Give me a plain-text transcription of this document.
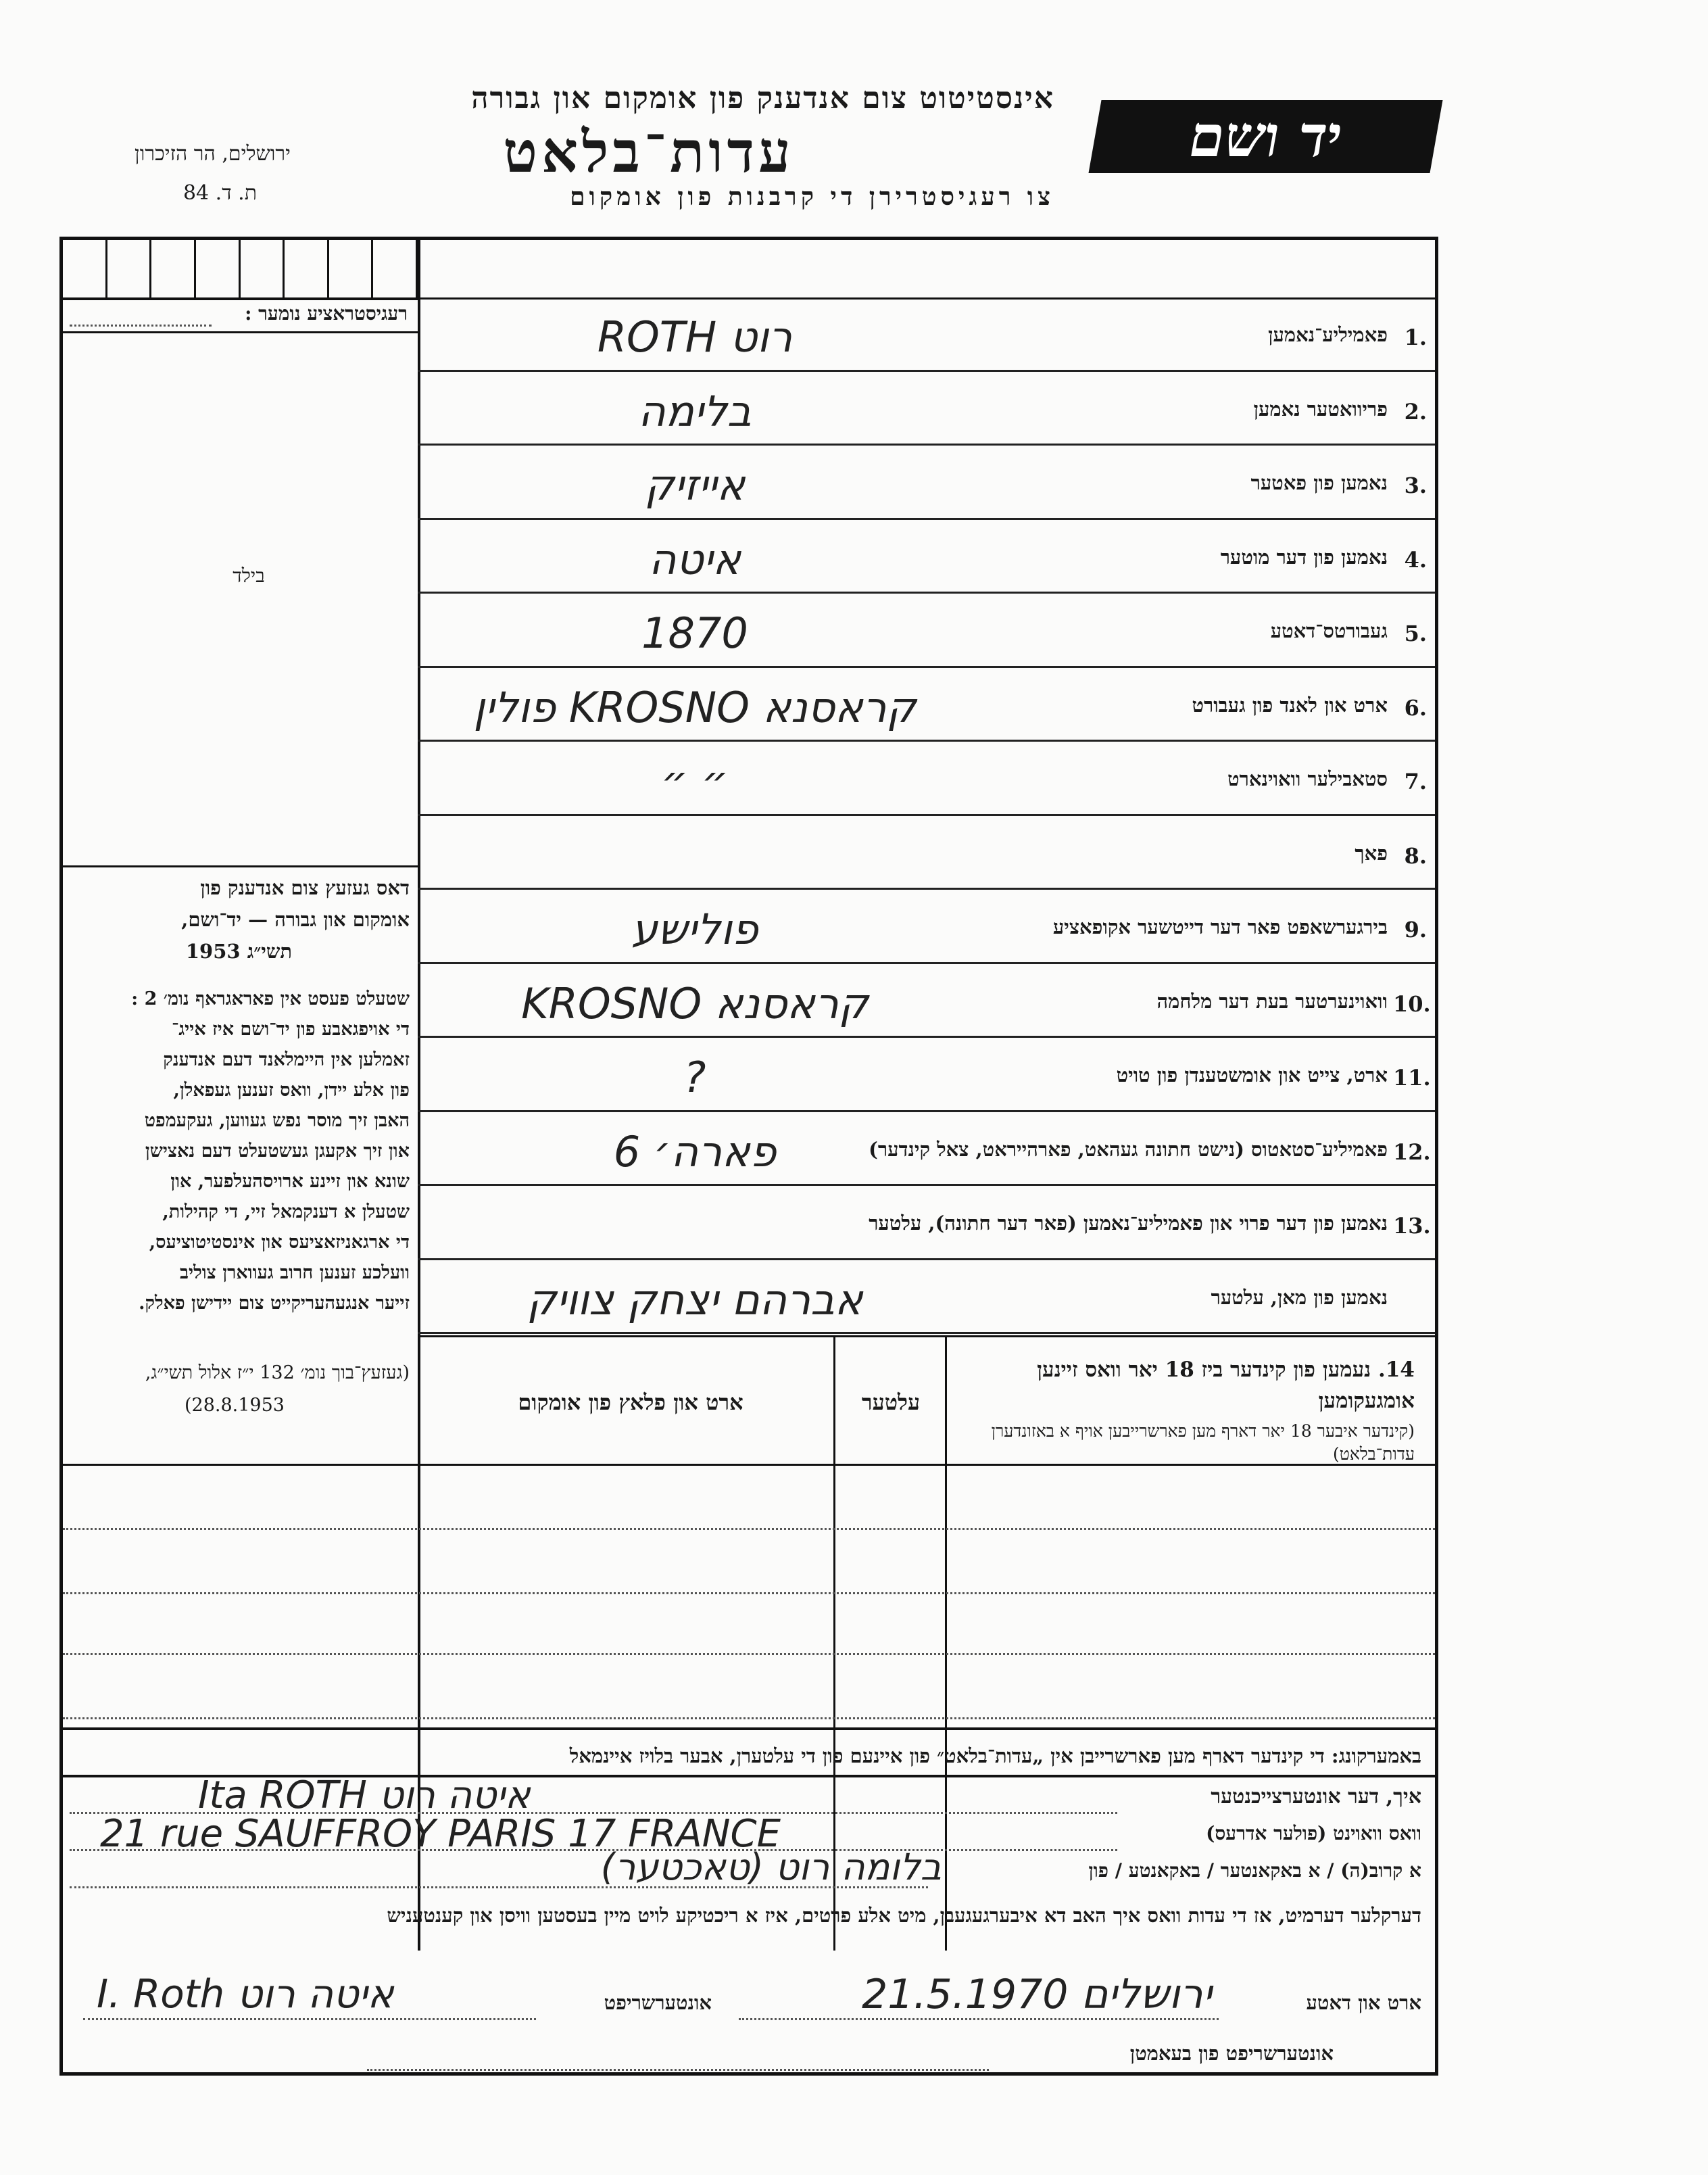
אינסטיטוט צום אנדענק פון אומקום און גבורה
עדות־בלאט
צו רעגיסטרירן די קרבנות פון אומקום
ירושלים, הר הזיכרון
ת. ד. 84
יד ושם
רעגיסטראציע נומער :
בילד
דאס געזעץ צום אנדענק פון
אומקום און גבורה — יד־ושם,
תשי״ג 1953
שטעלט פעסט אין פאראגראף נומ׳ 2 :
די אויפגאבע פון יד־ושם איז אייג־
זאמלען אין היימלאנד דעם אנדענק
פון אלע יידן, וואס זענען געפאלן,
האבן זיך מוסר נפש געווען, געקעמפט
און זיך אקעגן געשטעלט דעם נאצישן
שונא און זיינע ארויסהעלפער, און
שטעלן א דענקמאל זיי, די קהילות,
די ארגאניזאציעס און אינסטיטוציעס,
וועלכע זענען חרוב געווארן צוליב
זייער אנגעהעריקייט צום יידישן פאלק.
(געזעץ־בוך נומ׳ 132 י״ז אלול תשי״ג,
(28.8.1953
1.
פאמיליע־נאמען
ROTH רוט
2.
פריוואטער נאמען
בלימה
3.
נאמען פון פאטער
אייזיק
4.
נאמען פון דער מוטער
איטה
5.
געבורטס־דאטע
1870
6.
ארט און לאנד פון געבורט
קראסנא KROSNO פולין
7.
סטאבילער וואוינארט
״ ״
8.
פאך
9.
בירגערשאפט פאר דער דייטשער אקופאציע
פולישע
10.
וואוינערטער בעת דער מלחמה
קראסנא KROSNO
11.
ארט, צייט און אומשטענדן פון טויט
?
12.
פאמיליע־סטאטוס (נישט חתונה געהאט, פארהייראט, צאל קינדער)
פארה׳ 6
13.
נאמען פון דער פרוי און פאמיליע־נאמען (פאר דער חתונה), עלטער
נאמען פון מאן, עלטער
אברהם יצחק צוויק
14. נעמען פון קינדער ביז 18 יאר וואס זיינען אומגעקומען
(קינדער איבער 18 יאר דארף מען פארשרייבען אויף א באזונדערן עדות־בלאט)
עלטער
ארט און פלאץ פון אומקום
באמערקונג: די קינדער דארף מען פארשרייבן אין „עדות־בלאט״ פון איינעם פון די עלטערן, אבער בלויז איינמאל
איך, דער אונטערצייכנטער
Ita ROTH איטה רוט
וואס וואוינט (פולער אדרעס)
21 rue SAUFFROY PARIS 17 FRANCE
א קרוב(ה) / א באקאנטער / באקאנטע / פון
בלומה רוט (טאכטער)
דערקלער דערמיט, אז די עדות וואס איך האב דא איבערגעגעבן, מיט אלע פרטים, איז א ריכטיקע לויט מיין בעסטען וויסן און קענטעניש
ארט און דאטע
ירושלים 21.5.1970
אונטערשריפט
I. Roth איטה רוט
אונטערשריפט פון בעאמטן
